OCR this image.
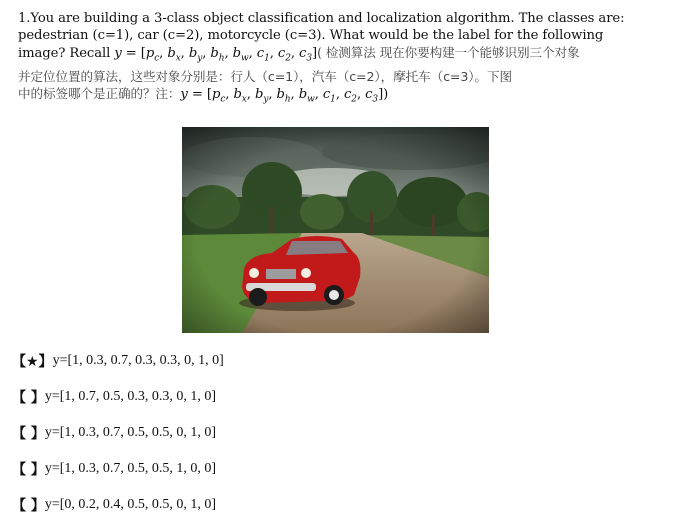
1.You are building a 3-class object classification and localization algorithm. The classes are:
pedestrian (c=1), car (c=2), motorcycle (c=3). What would be the label for the following
image? Recall $y = [p_c$, $b_x$, $b_y$, $b_h$, $b_w$, $c_1$, $c_2$, $c_3$]( 检测算法 现在你要构建一个能够识别三个对象
并定位位置的算法，这些对象分别是：行人（c=1），汽车（c=2），摩托车（c=3）。下图
中的标签哪个是正确的？注：$y = [p_c$, $b_x$, $b_y$, $b_h$, $b_w$, $c_1$, $c_2$, $c_3$])
【★】 y=[1, 0.3, 0.7, 0.3, 0.3, 0, 1, 0]
【 】 y=[1, 0.7, 0.5, 0.3, 0.3, 0, 1, 0]
【 】 y=[1, 0.3, 0.7, 0.5, 0.5, 0, 1, 0]
【 】 y=[1, 0.3, 0.7, 0.5, 0.5, 1, 0, 0]
【 】 y=[0, 0.2, 0.4, 0.5, 0.5, 0, 1, 0]
